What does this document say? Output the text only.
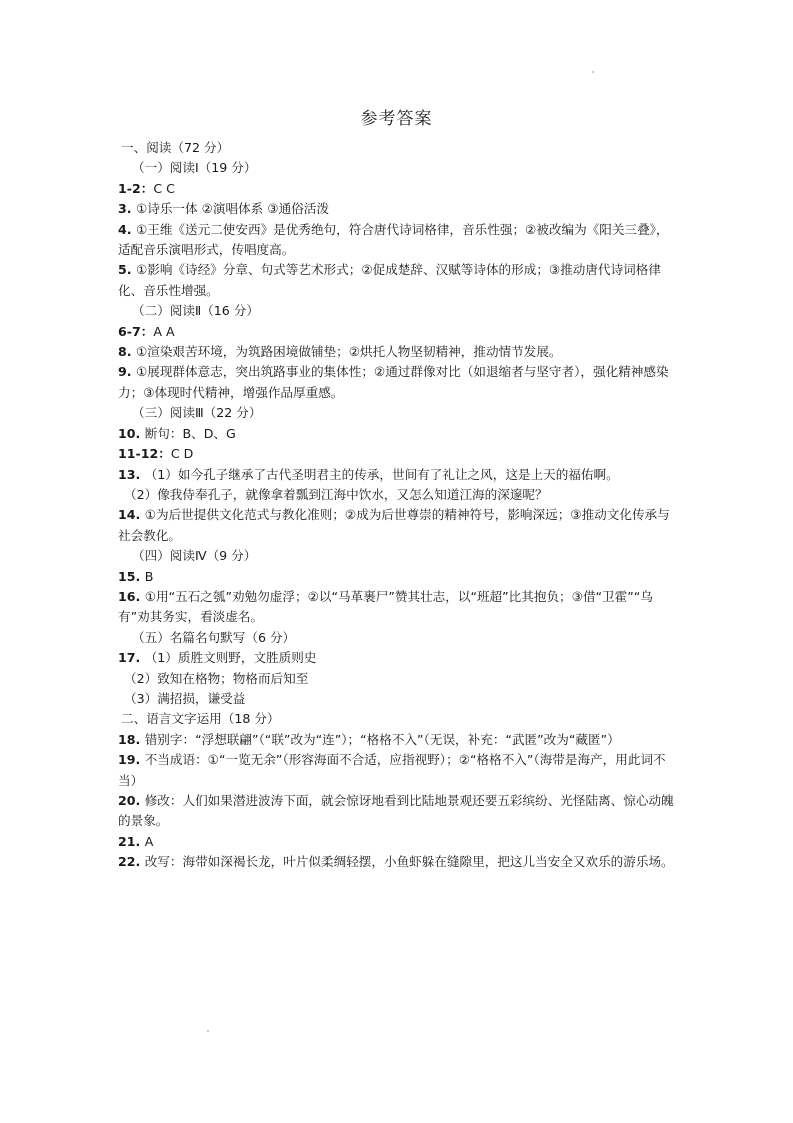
参考答案
一、阅读（72 分）
（一）阅读Ⅰ（19 分）
1-2：C C
3. ①诗乐一体 ②演唱体系 ③通俗活泼
4. ①王维《送元二使安西》是优秀绝句，符合唐代诗词格律，音乐性强；②被改编为《阳关三叠》，适配音乐演唱形式，传唱度高。
5. ①影响《诗经》分章、句式等艺术形式；②促成楚辞、汉赋等诗体的形成；③推动唐代诗词格律化、音乐性增强。
（二）阅读Ⅱ（16 分）
6-7：A A
8. ①渲染艰苦环境，为筑路困境做铺垫；②烘托人物坚韧精神，推动情节发展。
9. ①展现群体意志，突出筑路事业的集体性；②通过群像对比（如退缩者与坚守者），强化精神感染力；③体现时代精神，增强作品厚重感。
（三）阅读Ⅲ（22 分）
10. 断句：B、D、G
11-12：C D
13. （1）如今孔子继承了古代圣明君主的传承，世间有了礼让之风，这是上天的福佑啊。
（2）像我侍奉孔子，就像拿着瓢到江海中饮水，又怎么知道江海的深邃呢？
14. ①为后世提供文化范式与教化准则；②成为后世尊崇的精神符号，影响深远；③推动文化传承与社会教化。
（四）阅读Ⅳ（9 分）
15. B
16. ①用“五石之瓠”劝勉勿虚浮；②以“马革裹尸”赞其壮志，以“班超”比其抱负；③借“卫霍”“乌有”劝其务实，看淡虚名。
（五）名篇名句默写（6 分）
17. （1）质胜文则野，文胜质则史
（2）致知在格物；物格而后知至
（3）满招损，谦受益
二、语言文字运用（18 分）
18. 错别字：“浮想联翩”（“联”改为“连”）；“格格不入”（无误，补充：“武匿”改为“藏匿”）
19. 不当成语：①“一览无余”（形容海面不合适，应指视野）；②“格格不入”（海带是海产，用此词不当）
20. 修改：人们如果潜进波涛下面，就会惊讶地看到比陆地景观还要五彩缤纷、光怪陆离、惊心动魄的景象。
21. A
22. 改写：海带如深褐长龙，叶片似柔绸轻摆，小鱼虾躲在缝隙里，把这儿当安全又欢乐的游乐场。
